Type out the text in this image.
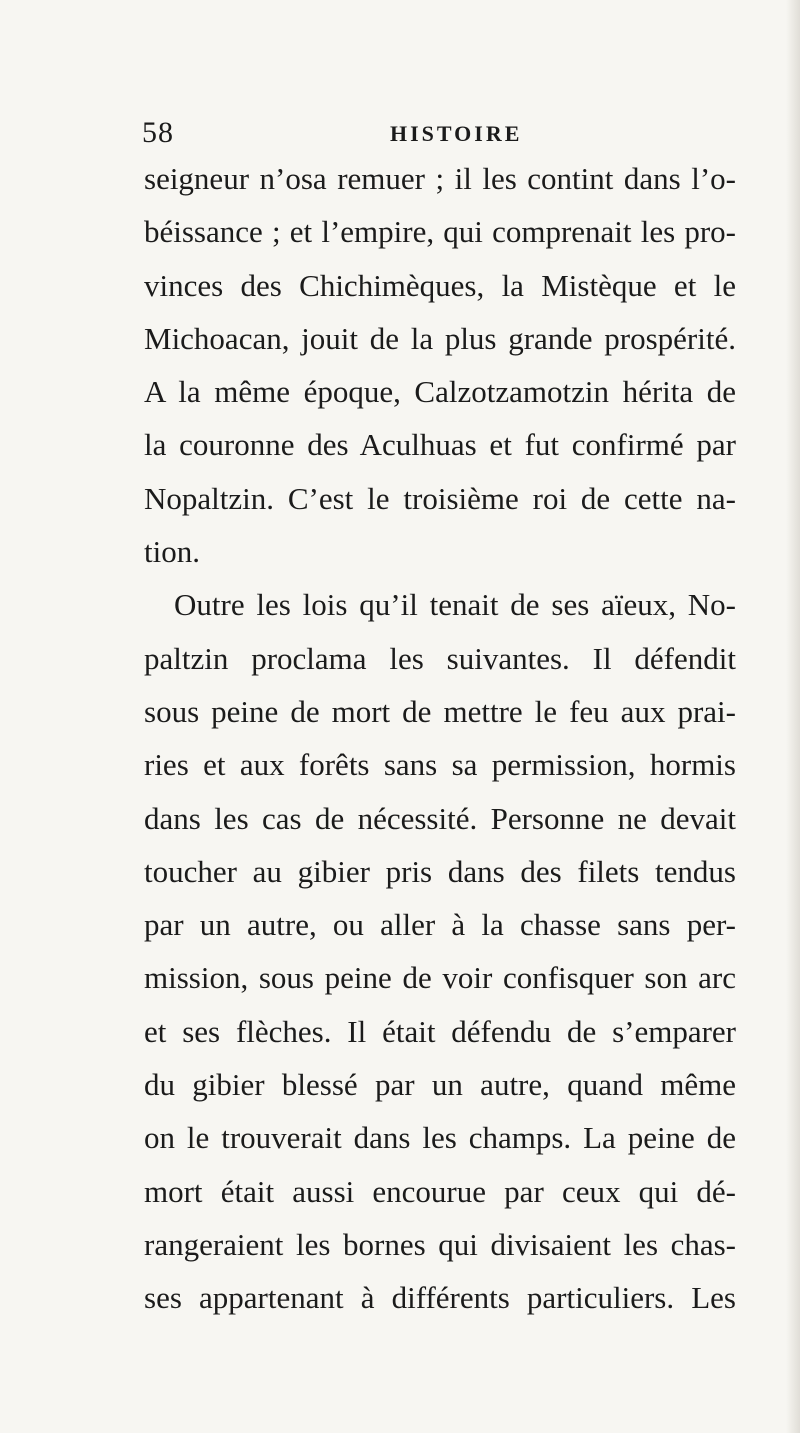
58	HISTOIRE
seigneur n’osa remuer ; il les contint dans l’o-
béissance ; et l’empire, qui comprenait les pro-
vinces des Chichimèques, la Mistèque et le
Michoacan, jouit de la plus grande prospérité.
A la même époque, Calzotzamotzin hérita de
la couronne des Aculhuas et fut confirmé par
Nopaltzin. C’est le troisième roi de cette na-
tion.
Outre les lois qu’il tenait de ses aïeux, No-
paltzin proclama les suivantes. Il défendit
sous peine de mort de mettre le feu aux prai-
ries et aux forêts sans sa permission, hormis
dans les cas de nécessité. Personne ne devait
toucher au gibier pris dans des filets tendus
par un autre, ou aller à la chasse sans per-
mission, sous peine de voir confisquer son arc
et ses flèches. Il était défendu de s’emparer
du gibier blessé par un autre, quand même
on le trouverait dans les champs. La peine de
mort était aussi encourue par ceux qui dé-
rangeraient les bornes qui divisaient les chas-
ses appartenant à différents particuliers. Les
